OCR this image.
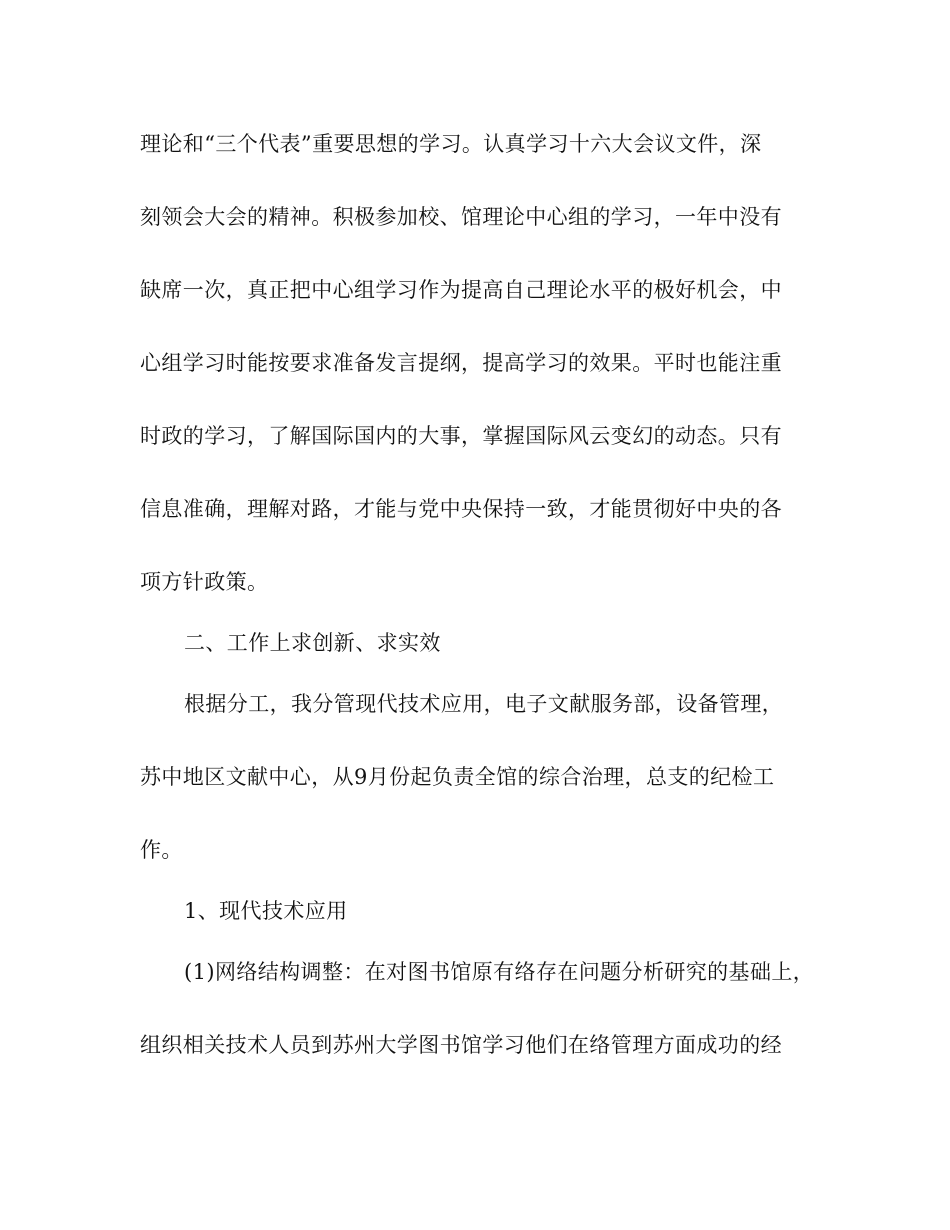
理论和“三个代表”重要思想的学习。认真学习十六大会议文件，深
刻领会大会的精神。积极参加校、馆理论中心组的学习，一年中没有
缺席一次，真正把中心组学习作为提高自己理论水平的极好机会，中
心组学习时能按要求准备发言提纲，提高学习的效果。平时也能注重
时政的学习，了解国际国内的大事，掌握国际风云变幻的动态。只有
信息准确，理解对路，才能与党中央保持一致，才能贯彻好中央的各
项方针政策。
二、工作上求创新、求实效
根据分工，我分管现代技术应用，电子文献服务部，设备管理，
苏中地区文献中心，从9月份起负责全馆的综合治理，总支的纪检工
作。
1、现代技术应用
(1)网络结构调整：在对图书馆原有络存在问题分析研究的基础上，
组织相关技术人员到苏州大学图书馆学习他们在络管理方面成功的经
